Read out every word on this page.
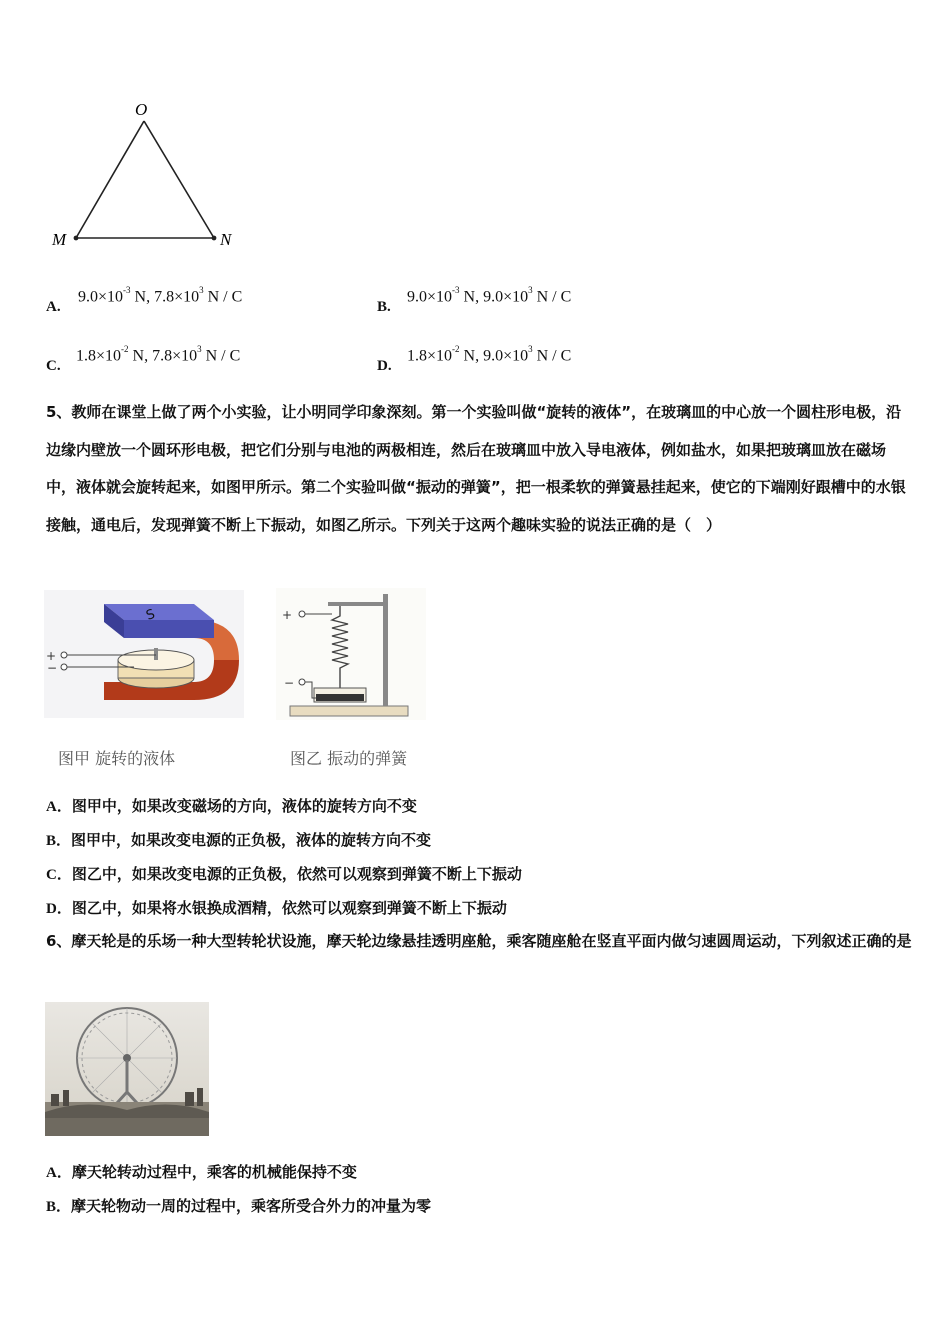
O
M	N
A.
$9.0\times 10^{-3}$ N, $7.8\times 10^3$ N / C
B.
$9.0\times 10^{-3}$ N, $9.0\times 10^3$ N / C
C.
$1.8\times 10^{-2}$ N, $7.8\times 10^3$ N / C
D.
$1.8\times 10^{-2}$ N, $9.0\times 10^3$ N / C
5、教师在课堂上做了两个小实验，让小明同学印象深刻。第一个实验叫做“旋转的液体”，在玻璃皿的中心放一个圆柱形电极，沿边缘内壁放一个圆环形电极，把它们分别与电池的两极相连，然后在玻璃皿中放入导电液体，例如盐水，如果把玻璃皿放在磁场中，液体就会旋转起来，如图甲所示。第二个实验叫做“振动的弹簧”，把一根柔软的弹簧悬挂起来，使它的下端刚好跟槽中的水银接触，通电后，发现弹簧不断上下振动，如图乙所示。下列关于这两个趣味实验的说法正确的是（　）
S
+
−
+
−
图甲 旋转的液体	图乙 振动的弹簧
A．图甲中，如果改变磁场的方向，液体的旋转方向不变
B．图甲中，如果改变电源的正负极，液体的旋转方向不变
C．图乙中，如果改变电源的正负极，依然可以观察到弹簧不断上下振动
D．图乙中，如果将水银换成酒精，依然可以观察到弹簧不断上下振动
6、摩天轮是的乐场一种大型转轮状设施，摩天轮边缘悬挂透明座舱，乘客随座舱在竖直平面内做匀速圆周运动，下列叙述正确的是
A．摩天轮转动过程中，乘客的机械能保持不变
B．摩天轮物动一周的过程中，乘客所受合外力的冲量为零
